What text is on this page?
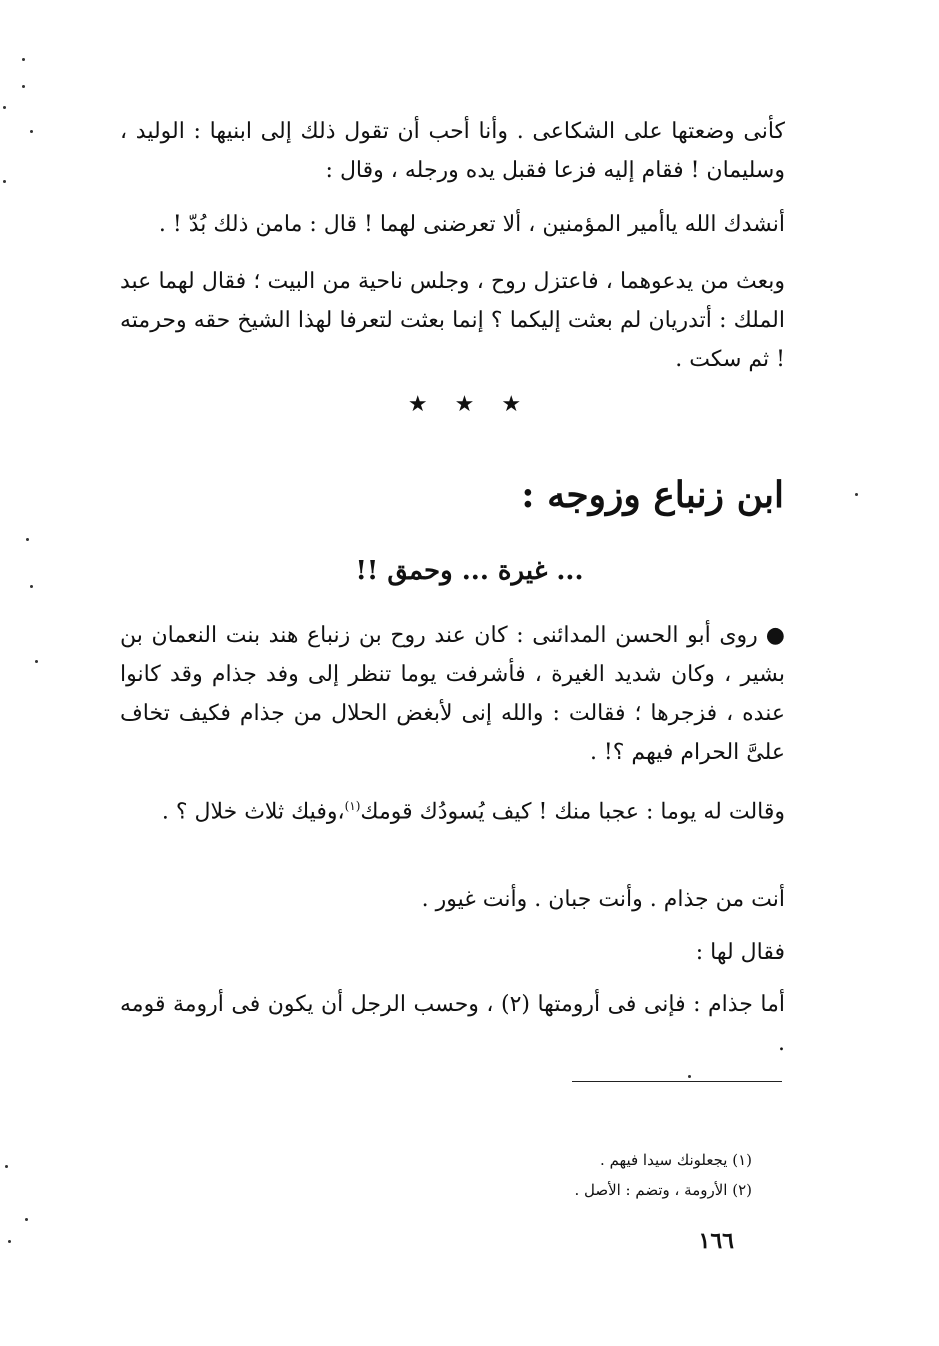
كأنى وضعتها على الشكاعى . وأنا أحب أن تقول ذلك إلى ابنيها : الوليد ، وسليمان ! فقام إليه فزعا فقبل يده ورجله ، وقال :

أنشدك الله ياأمير المؤمنين ، ألا تعرضنى لهما ! قال : مامن ذلك بُدّ ! .

وبعث من يدعوهما ، فاعتزل روح ، وجلس ناحية من البيت ؛ فقال لهما عبد الملك : أتدريان لم بعثت إليكما ؟ إنما بعثت لتعرفا لهذا الشيخ حقه وحرمته ! ثم سكت .

★ ★ ★
ابن زنباع وزوجه :
... غيرة ... وحمق !!

●روى أبو الحسن المدائنى : كان عند روح بن زنباع هند بنت النعمان بن بشير ، وكان شديد الغيرة ، فأشرفت يوما تنظر إلى وفد جذام وقد كانوا عنده ، فزجرها ؛ فقالت : والله إنى لأبغض الحلال من جذام فكيف تخاف علىَّ الحرام فيهم ؟! .

وقالت له يوما : عجبا منك ! كيف يُسودُك قومك$^{(١)}$،وفيك ثلاث خلال ؟ .

أنت من جذام . وأنت جبان . وأنت غيور .

فقال لها :

أما جذام : فإنى فى أرومتها (٢) ، وحسب الرجل أن يكون فى أرومة قومه .

(١) يجعلونك سيدا فيهم .
(٢) الأرومة ، وتضم : الأصل .
١٦٦
